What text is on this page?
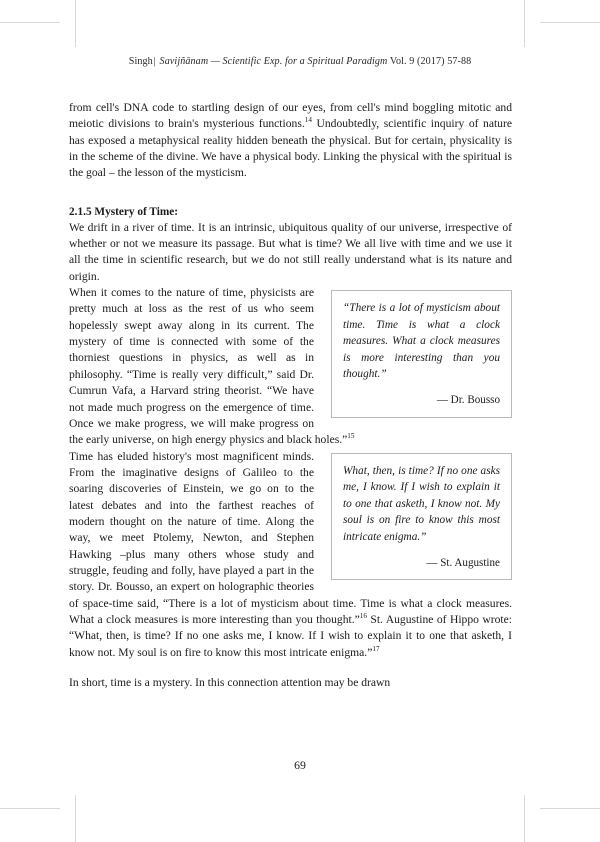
Singh| Savijñānam — Scientific Exp. for a Spiritual Paradigm Vol. 9 (2017) 57-88

from cell's DNA code to startling design of our eyes, from cell's mind boggling mitotic and meiotic divisions to brain's mysterious functions.$^{14}$ Undoubtedly, scientific inquiry of nature has exposed a metaphysical reality hidden beneath the physical. But for certain, physicality is in the scheme of the divine. We have a physical body. Linking the physical with the spiritual is the goal – the lesson of the mysticism.

2.1.5 Mystery of Time:

We drift in a river of time. It is an intrinsic, ubiquitous quality of our universe, irrespective of whether or not we measure its passage. But what is time? We all live with time and we use it all the time in scientific research, but we do not still really understand what is its nature and origin.

“There is a lot of mysticism about time. Time is what a clock measures. What a clock measures is more interesting than you thought.”
— Dr. Bousso

When it comes to the nature of time, physicists are pretty much at loss as the rest of us who seem hopelessly swept away along in its current. The mystery of time is connected with some of the thorniest questions in physics, as well as in philosophy. “Time is really very difficult,” said Dr. Cumrun Vafa, a Harvard string theorist. “We have not made much progress on the emergence of time. Once we make progress, we will make progress on the early universe, on high energy physics and black holes.”$^{15}$

What, then, is time? If no one asks me, I know. If I wish to explain it to one that asketh, I know not. My soul is on fire to know this most intricate enigma.”
— St. Augustine

Time has eluded history's most magnificent minds. From the imaginative designs of Galileo to the soaring discoveries of Einstein, we go on to the latest debates and into the farthest reaches of modern thought on the nature of time. Along the way, we meet Ptolemy, Newton, and Stephen Hawking –plus many others whose study and struggle, feuding and folly, have played a part in the story. Dr. Bousso, an expert on holographic theories of space-time said, “There is a lot of mysticism about time. Time is what a clock measures. What a clock measures is more interesting than you thought.”$^{16}$ St. Augustine of Hippo wrote: “What, then, is time? If no one asks me, I know. If I wish to explain it to one that asketh, I know not. My soul is on fire to know this most intricate enigma.”$^{17}$

In short, time is a mystery. In this connection attention may be drawn

69
